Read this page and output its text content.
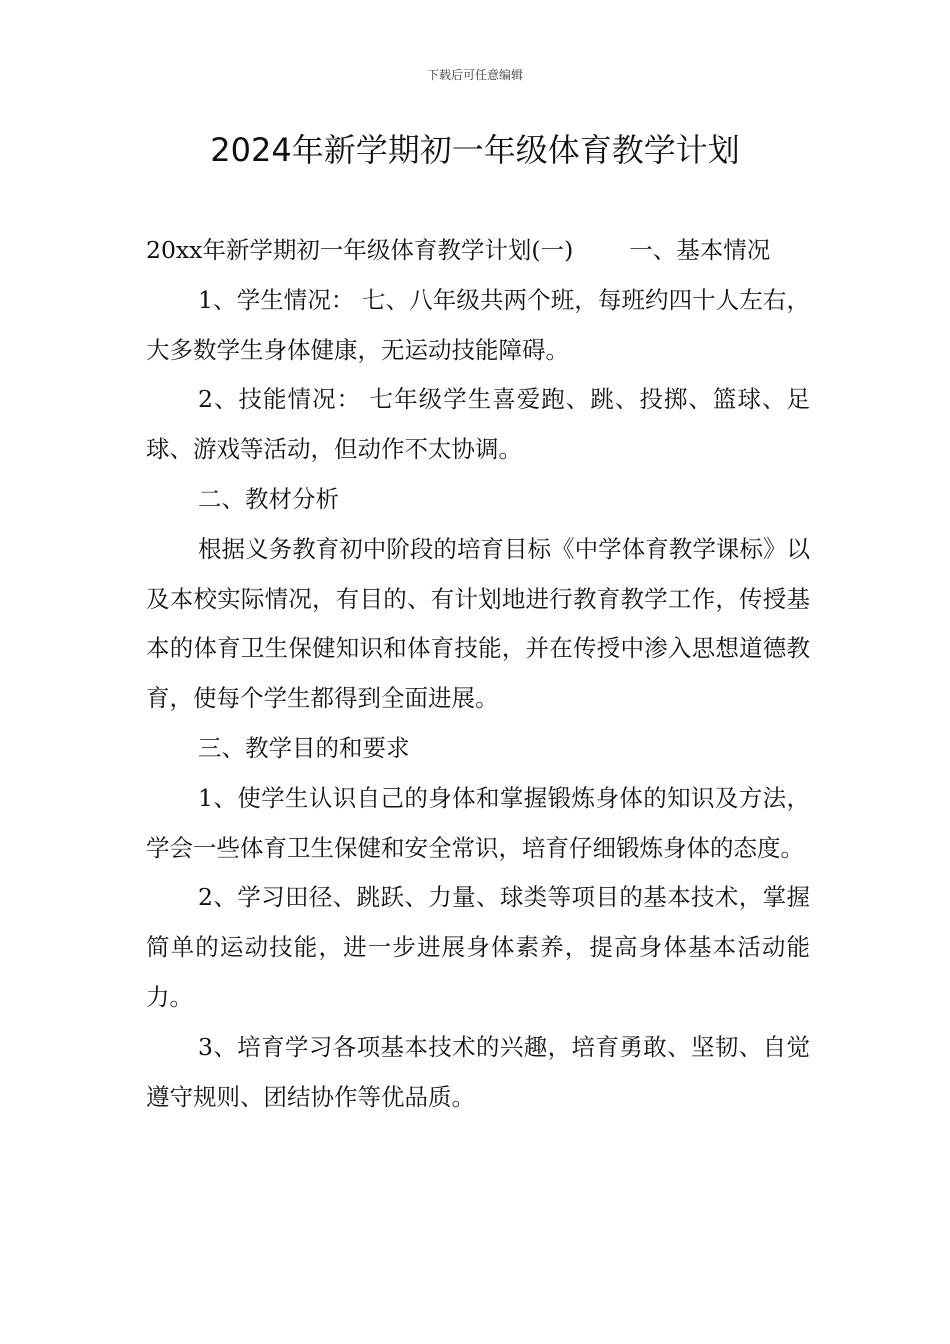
下载后可任意编辑
2024年新学期初一年级体育教学计划

20xx年新学期初一年级体育教学计划(一) 一、基本情况

1、学生情况： 七、八年级共两个班，每班约四十人左右，大多数学生身体健康，无运动技能障碍。

2、技能情况： 七年级学生喜爱跑、跳、投掷、篮球、足球、游戏等活动，但动作不太协调。

二、教材分析

根据义务教育初中阶段的培育目标《中学体育教学课标》以及本校实际情况，有目的、有计划地进行教育教学工作，传授基本的体育卫生保健知识和体育技能，并在传授中渗入思想道德教育，使每个学生都得到全面进展。

三、教学目的和要求

1、使学生认识自己的身体和掌握锻炼身体的知识及方法，学会一些体育卫生保健和安全常识，培育仔细锻炼身体的态度。

2、学习田径、跳跃、力量、球类等项目的基本技术，掌握简单的运动技能，进一步进展身体素养，提高身体基本活动能力。

3、培育学习各项基本技术的兴趣，培育勇敢、坚韧、自觉遵守规则、团结协作等优品质。
